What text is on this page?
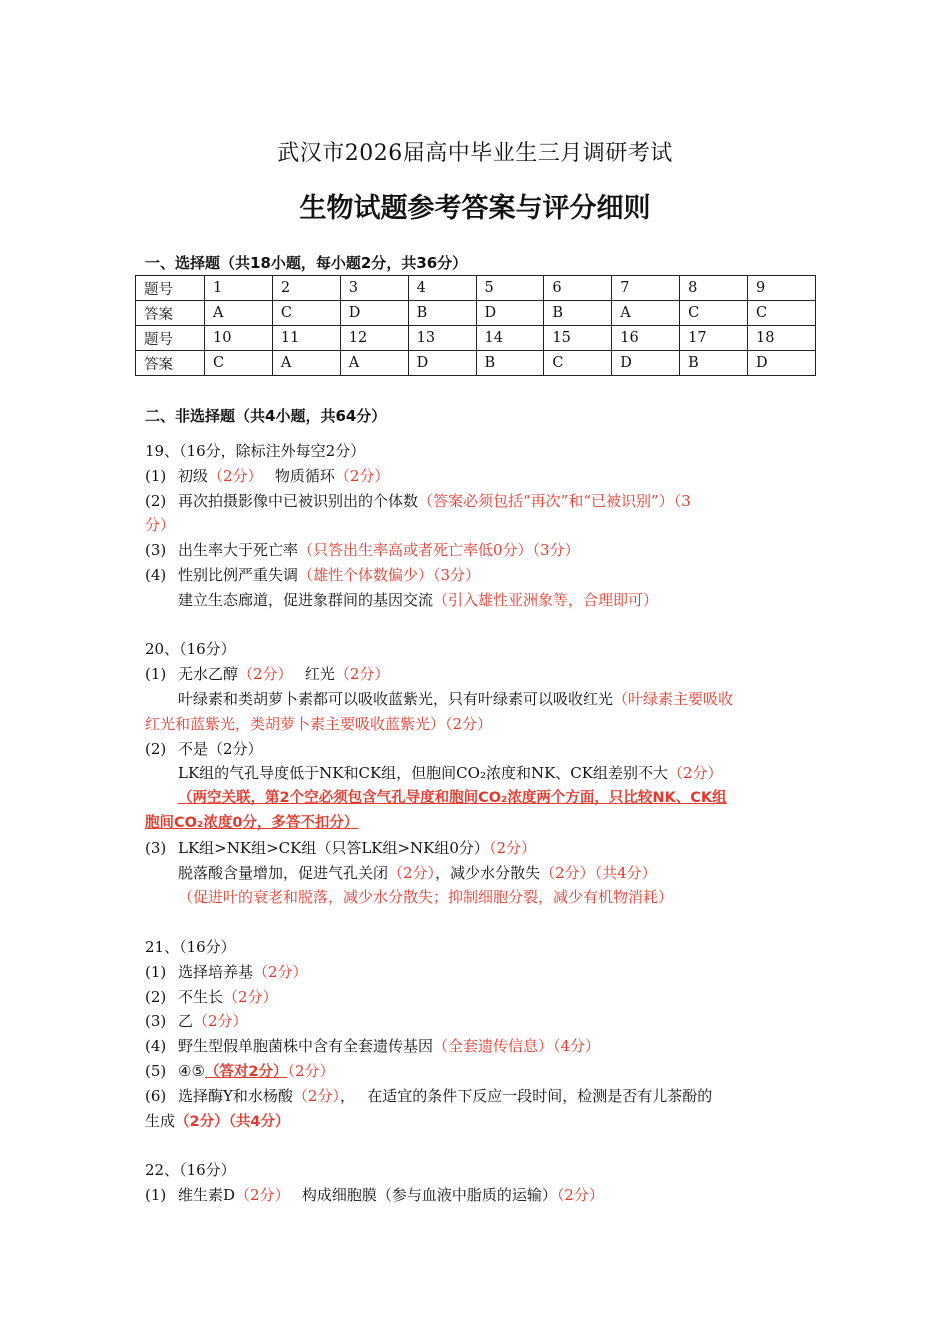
武汉市2026届高中毕业生三月调研考试
生物试题参考答案与评分细则
一、选择题（共18小题，每小题2分，共36分）
题号	1	2	3	4	5	6	7	8	9
答案	A	C	D	B	D	B	A	C	C
题号	10	11	12	13	14	15	16	17	18
答案	C	A	A	D	B	C	D	B	D
二、非选择题（共4小题，共64分）
19、（16分，除标注外每空2分）
(1) 初级（2分）　 物质循环（2分）
(2) 再次拍摄影像中已被识别出的个体数（答案必须包括“再次”和“已被识别”）（3
分）
(3) 出生率大于死亡率（只答出生率高或者死亡率低0分）（3分）
(4) 性别比例严重失调（雄性个体数偏少）（3分）
建立生态廊道，促进象群间的基因交流（引入雄性亚洲象等，合理即可）
20、（16分）
(1) 无水乙醇（2分）　 红光（2分）
叶绿素和类胡萝卜素都可以吸收蓝紫光，只有叶绿素可以吸收红光（叶绿素主要吸收
红光和蓝紫光，类胡萝卜素主要吸收蓝紫光）（2分）
(2) 不是（2分）
LK组的气孔导度低于NK和CK组，但胞间CO₂浓度和NK、CK组差别不大（2分）
（两空关联，第2个空必须包含气孔导度和胞间CO₂浓度两个方面，只比较NK、CK组
胞间CO₂浓度0分，多答不扣分）
(3) LK组>NK组>CK组（只答LK组>NK组0分）（2分）
脱落酸含量增加，促进气孔关闭（2分），减少水分散失（2分）（共4分）
（促进叶的衰老和脱落，减少水分散失；抑制细胞分裂，减少有机物消耗）
21、（16分）
(1) 选择培养基（2分）
(2) 不生长（2分）
(3) 乙（2分）
(4) 野生型假单胞菌株中含有全套遗传基因（全套遗传信息）（4分）
(5) ④⑤（答对2分）（2分）
(6) 选择酶Y和水杨酸（2分），　 在适宜的条件下反应一段时间，检测是否有儿茶酚的
生成（2分）（共4分）
22、（16分）
(1) 维生素D（2分）　 构成细胞膜（参与血液中脂质的运输）（2分）
